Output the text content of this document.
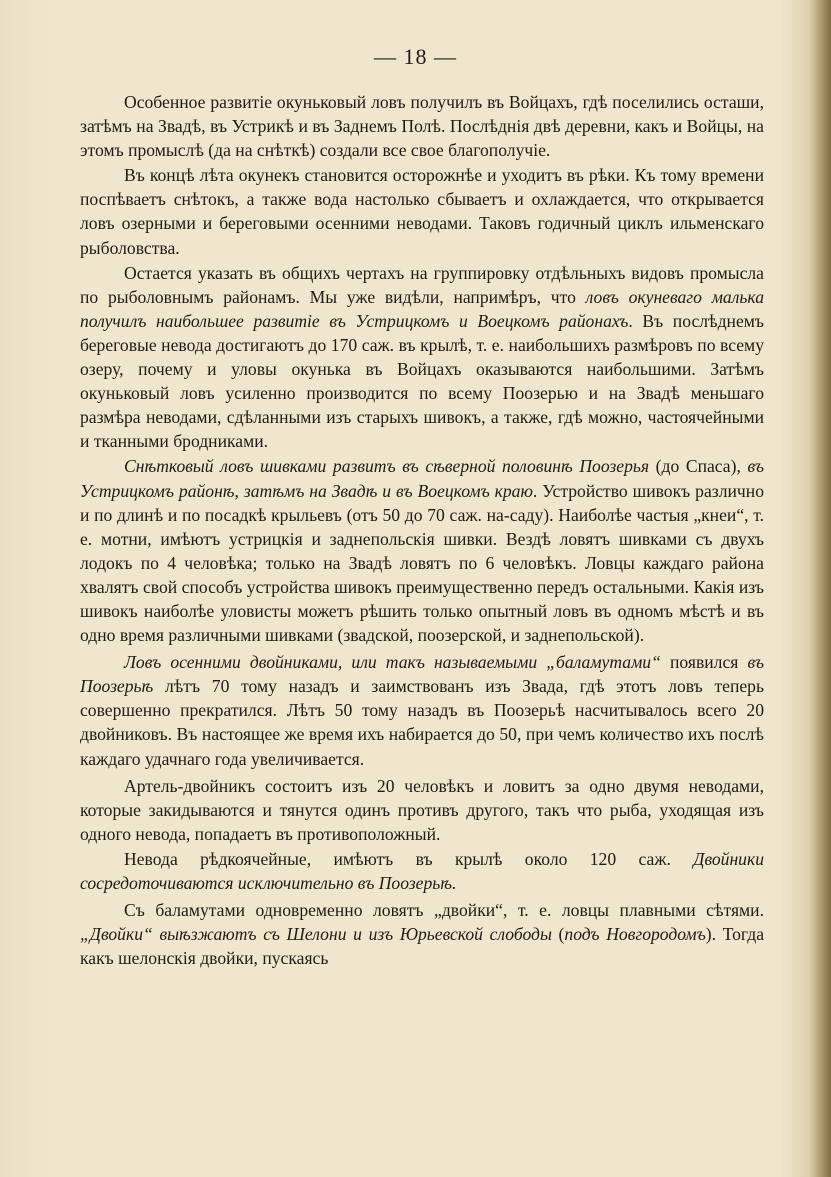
— 18 —

Особенное развитіе окуньковый ловъ получилъ въ Войцахъ, гдѣ поселились осташи, затѣмъ на Звадѣ, въ Устрикѣ и въ Заднемъ Полѣ. Послѣднія двѣ деревни, какъ и Войцы, на этомъ промыслѣ (да на снѣткѣ) создали все свое благополучіе.

Въ концѣ лѣта окунекъ становится осторожнѣе и уходитъ въ рѣки. Къ тому времени поспѣваетъ снѣтокъ, а также вода настолько сбываетъ и охлаждается, что открывается ловъ озерными и береговыми осенними неводами. Таковъ годичный циклъ ильменскаго рыболовства.

Остается указать въ общихъ чертахъ на группировку отдѣльныхъ видовъ промысла по рыболовнымъ районамъ. Мы уже видѣли, напримѣръ, что ловъ окуневаго малька получилъ наибольшее развитіе въ Устрицкомъ и Воецкомъ районахъ. Въ послѣднемъ береговые невода достигаютъ до 170 саж. въ крылѣ, т. е. наибольшихъ размѣровъ по всему озеру, почему и уловы окунька въ Войцахъ оказываются наибольшими. Затѣмъ окуньковый ловъ усиленно производится по всему Поозерью и на Звадѣ меньшаго размѣра неводами, сдѣланными изъ старыхъ шивокъ, а также, гдѣ можно, частоячейными и тканными бродниками.

Снѣтковый ловъ шивками развитъ въ сѣверной половинѣ Поозерья (до Спаса), въ Устрицкомъ районѣ, затѣмъ на Звадѣ и въ Воецкомъ краю. Устройство шивокъ различно и по длинѣ и по посадкѣ крыльевъ (отъ 50 до 70 саж. на-саду). Наиболѣе частыя „кнеи“, т. е. мотни, имѣютъ устрицкія и заднепольскія шивки. Вездѣ ловятъ шивками съ двухъ лодокъ по 4 человѣка; только на Звадѣ ловятъ по 6 человѣкъ. Ловцы каждаго района хвалятъ свой способъ устройства шивокъ преимущественно передъ остальными. Какія изъ шивокъ наиболѣе уловисты можетъ рѣшить только опытный ловъ въ одномъ мѣстѣ и въ одно время различными шивками (звадской, поозерской, и заднепольской).

Ловъ осенними двойниками, или такъ называемыми „баламутами“ появился въ Поозерьѣ лѣтъ 70 тому назадъ и заимствованъ изъ Звада, гдѣ этотъ ловъ теперь совершенно прекратился. Лѣтъ 50 тому назадъ въ Поозерьѣ насчитывалось всего 20 двойниковъ. Въ настоящее же время ихъ набирается до 50, при чемъ количество ихъ послѣ каждаго удачнаго года увеличивается.

Артель-двойникъ состоитъ изъ 20 человѣкъ и ловитъ за одно двумя неводами, которые закидываются и тянутся одинъ противъ другого, такъ что рыба, уходящая изъ одного невода, попадаетъ въ противоположный.

Невода рѣдкоячейные, имѣютъ въ крылѣ около 120 саж. Двойники сосредоточиваются исключительно въ Поозерьѣ.

Съ баламутами одновременно ловятъ „двойки“, т. е. ловцы плавными сѣтями. „Двойки“ выѣзжаютъ съ Шелони и изъ Юрьевской слободы (подъ Новгородомъ). Тогда какъ шелонскія двойки, пускаясь
